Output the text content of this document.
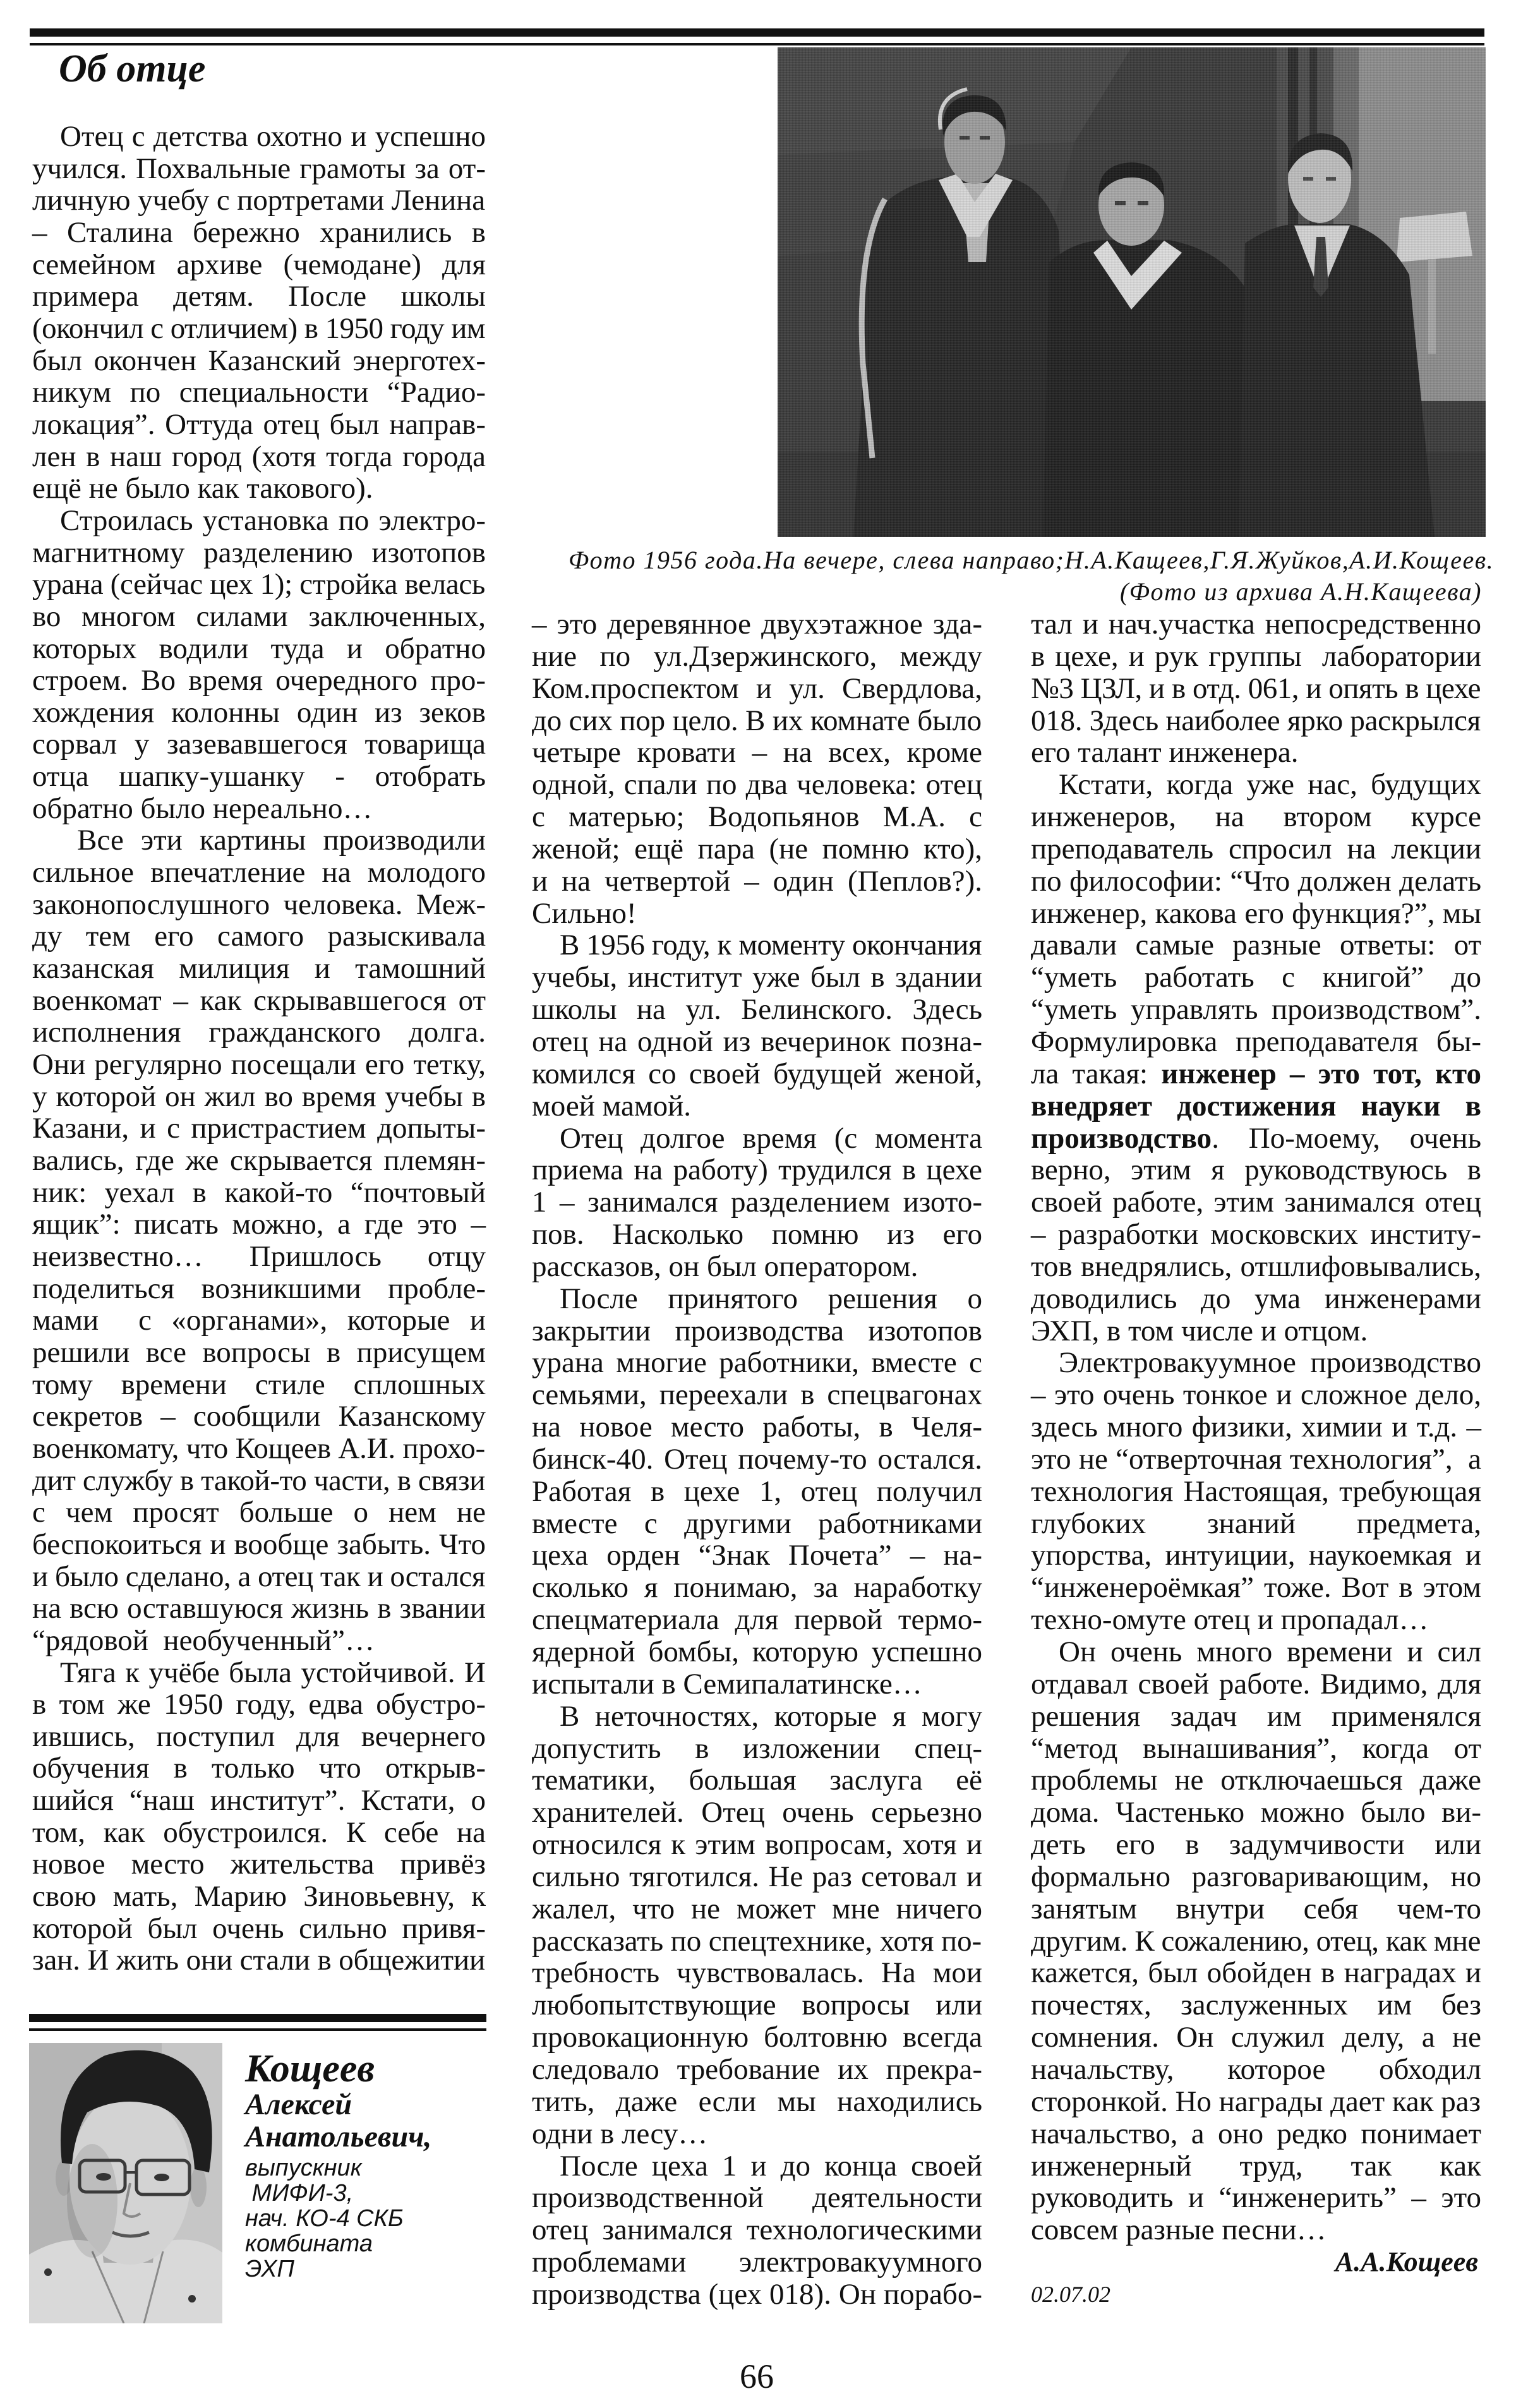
Об отце
Фото 1956 года.На вечере, слева направо;Н.А.Кащеев,Г.Я.Жуйков,А.И.Кощеев.
(Фото из архива А.Н.Кащеева)
Отец с детства охотно и успешно
учился. Похвальные грамоты за от-
личную учебу с портретами Ленина
– Сталина бережно хранились в
семейном архиве (чемодане) для
примера детям. После школы
(окончил с отличием) в 1950 году им
был окончен Казанский энерготех-
никум по специальности “Радио-
локация”. Оттуда отец был направ-
лен в наш город (хотя тогда города
ещё не было как такового).
Строилась установка по электро-
магнитному разделению изотопов
урана (сейчас цех 1); стройка велась
во многом силами заключенных,
которых водили туда и обратно
строем. Во время очередного про-
хождения колонны один из зеков
сорвал у зазевавшегося товарища
отца шапку-ушанку - отобрать
обратно было нереально…
Все эти картины производили
сильное впечатление на молодого
законопослушного человека. Меж-
ду тем его самого разыскивала
казанская милиция и тамошний
военкомат – как скрывавшегося от
исполнения гражданского долга.
Они регулярно посещали его тетку,
у которой он жил во время учебы в
Казани, и с пристрастием допыты-
вались, где же скрывается племян-
ник: уехал в какой-то “почтовый
ящик”: писать можно, а где это –
неизвестно… Пришлось отцу
поделиться возникшими пробле-
мами  с «органами», которые и
решили все вопросы в присущем
тому времени стиле сплошных
секретов – сообщили Казанскому
военкомату, что Кощеев А.И. прохо-
дит службу в такой-то части, в связи
с чем просят больше о нем не
беспокоиться и вообще забыть. Что
и было сделано, а отец так и остался
на всю оставшуюся жизнь в звании
“рядовой  необученный”…
Тяга к учёбе была устойчивой. И
в том же 1950 году, едва обустро-
ившись, поступил для вечернего
обучения в только что открыв-
шийся “наш институт”. Кстати, о
том, как обустроился. К себе на
новое место жительства привёз
свою мать, Марию Зиновьевну, к
которой был очень сильно привя-
зан. И жить они стали в общежитии
– это деревянное двухэтажное зда-
ние по ул.Дзержинского, между
Ком.проспектом и ул. Свердлова,
до сих пор цело. В их комнате было
четыре кровати – на всех, кроме
одной, спали по два человека: отец
с матерью; Водопьянов М.А. с
женой; ещё пара (не помню кто),
и на четвертой – один (Пеплов?).
Сильно!
В 1956 году, к моменту окончания
учебы, институт уже был в здании
школы на ул. Белинского. Здесь
отец на одной из вечеринок позна-
комился со своей будущей женой,
моей мамой.
Отец долгое время (с момента
приема на работу) трудился в цехе
1 – занимался разделением изото-
пов. Насколько помню из его
рассказов, он был оператором.
После принятого решения о
закрытии производства изотопов
урана многие работники, вместе с
семьями, переехали в спецвагонах
на новое место работы, в Челя-
бинск-40. Отец почему-то остался.
Работая в цехе 1, отец получил
вместе с другими работниками
цеха орден “Знак Почета” – на-
сколько я понимаю, за наработку
спецматериала для первой термо-
ядерной бомбы, которую успешно
испытали в Семипалатинске…
В неточностях, которые я могу
допустить в изложении спец-
тематики, большая заслуга её
хранителей. Отец очень серьезно
относился к этим вопросам, хотя и
сильно тяготился. Не раз сетовал и
жалел, что не может мне ничего
рассказать по спецтехнике, хотя по-
требность чувствовалась. На мои
любопытствующие вопросы или
провокационную болтовню всегда
следовало требование их прекра-
тить, даже если мы находились
одни в лесу…
После цеха 1 и до конца своей
производственной деятельности
отец занимался технологическими
проблемами электровакуумного
производства (цех 018). Он порабо-
тал и нач.участка непосредственно
в цехе, и рук группы  лаборатории
№3 ЦЗЛ, и в отд. 061, и опять в цехе
018. Здесь наиболее ярко раскрылся
его талант инженера.
Кстати, когда уже нас, будущих
инженеров, на втором курсе
преподаватель спросил на лекции
по философии: “Что должен делать
инженер, какова его функция?”, мы
давали самые разные ответы: от
“уметь работать с книгой” до
“уметь управлять производством”.
Формулировка преподавателя бы-
ла такая: инженер – это тот, кто
внедряет достижения науки в
производство. По-моему, очень
верно, этим я руководствуюсь в
своей работе, этим занимался отец
– разработки московских институ-
тов внедрялись, отшлифовывались,
доводились до ума инженерами
ЭХП, в том числе и отцом.
Электровакуумное производство
– это очень тонкое и сложное дело,
здесь много физики, химии и т.д. –
это не “отверточная технология”,  а
технология Настоящая, требующая
глубоких знаний предмета,
упорства, интуиции, наукоемкая и
“инженероёмкая” тоже. Вот в этом
техно-омуте отец и пропадал…
Он очень много времени и сил
отдавал своей работе. Видимо, для
решения задач им применялся
“метод вынашивания”, когда от
проблемы не отключаешься даже
дома. Частенько можно было ви-
деть его в задумчивости или
формально разговаривающим, но
занятым внутри себя чем-то
другим. К сожалению, отец, как мне
кажется, был обойден в наградах и
почестях, заслуженных им без
сомнения. Он служил делу, а не
начальству, которое обходил
сторонкой. Но награды дает как раз
начальство, а оно редко понимает
инженерный труд, так как
руководить и “инженерить” – это
совсем разные песни…
А.А.Кощеев
02.07.02
Кощеев
Алексей
Анатольевич,
выпускник
МИФИ-3,
нач. КО-4 СКБ
комбината
ЭХП
66
